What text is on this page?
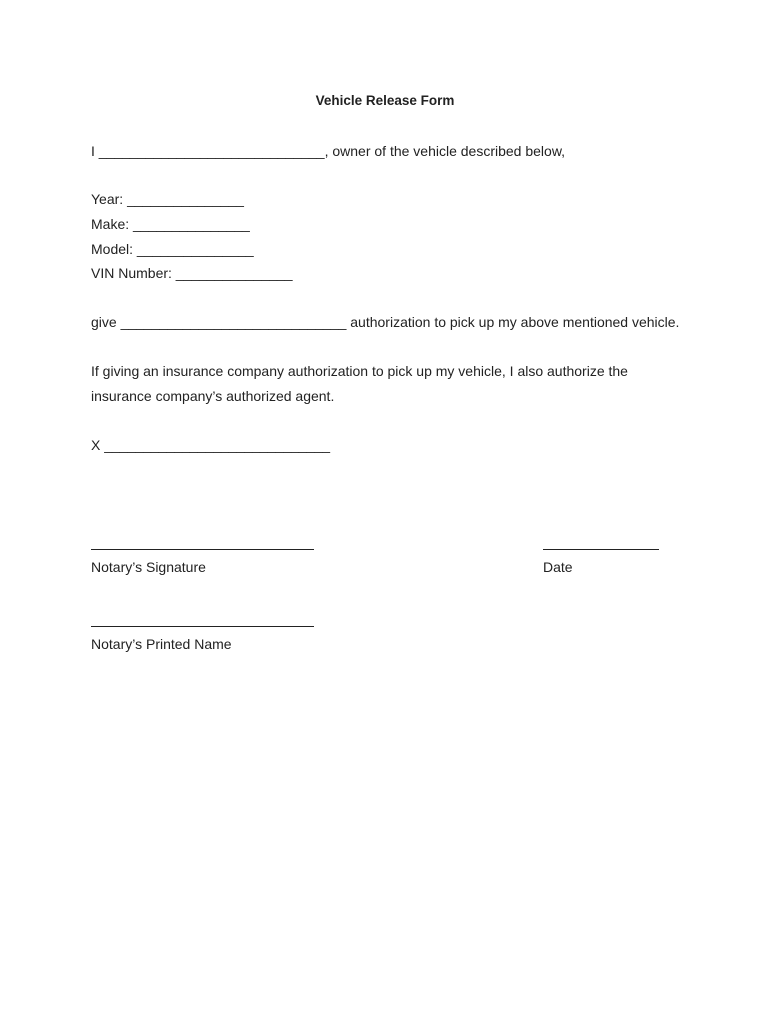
Vehicle Release Form
I _____________________________, owner of the vehicle described below,
Year: _______________
Make: _______________
Model: _______________
VIN Number: _______________
give _____________________________ authorization to pick up my above mentioned vehicle.
If giving an insurance company authorization to pick up my vehicle, I also authorize the
insurance company’s authorized agent.
X _____________________________
Notary’s Signature	Date
Notary’s Printed Name
